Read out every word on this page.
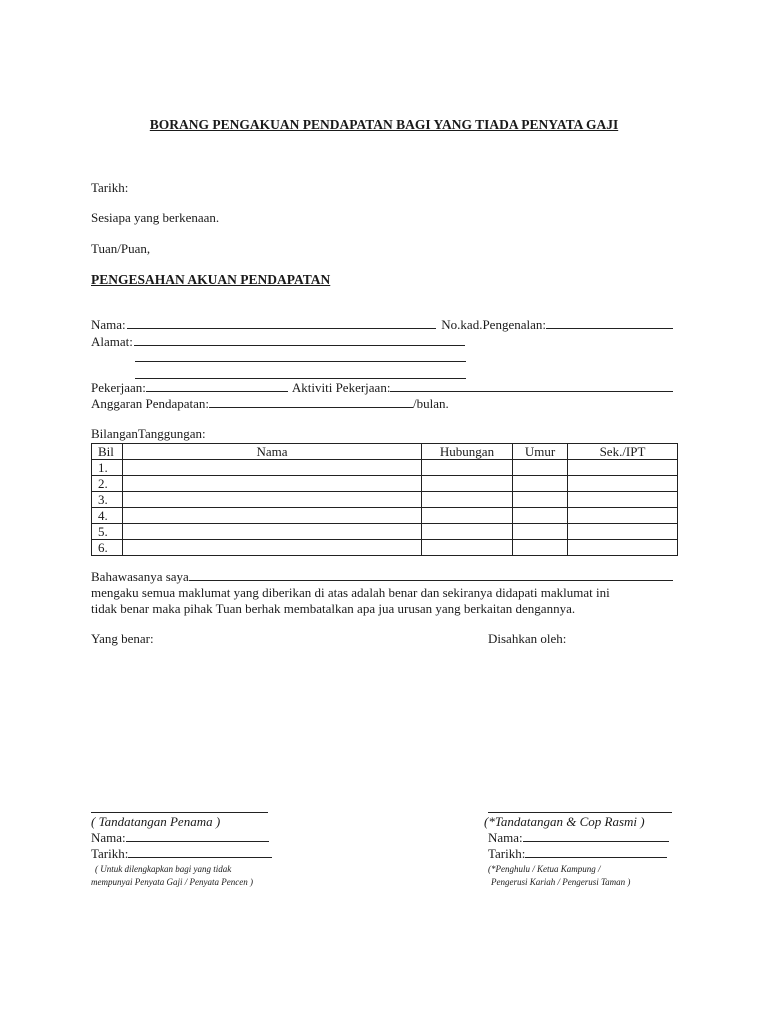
BORANG PENGAKUAN PENDAPATAN BAGI YANG TIADA PENYATA GAJI
Tarikh:
Sesiapa yang berkenaan.
Tuan/Puan,
PENGESAHAN AKUAN PENDAPATAN
Nama:	No.kad.Pengenalan:
Alamat:
Pekerjaan:	Aktiviti Pekerjaan:
Anggaran Pendapatan:	/bulan.
BilanganTanggungan:
Bil	Nama	Hubungan	Umur	Sek./IPT
1.				
2.				
3.				
4.				
5.				
6.				
Bahawasanya saya
mengaku semua maklumat yang diberikan di atas adalah benar dan sekiranya didapati maklumat ini
tidak benar maka pihak Tuan berhak membatalkan apa jua urusan yang berkaitan dengannya.
Yang benar:	Disahkan oleh:
( Tandatangan Penama )
Nama:
Tarikh:
( Untuk dilengkapkan bagi yang tidak
mempunyai Penyata Gaji / Penyata Pencen )
(*Tandatangan & Cop Rasmi )
Nama:
Tarikh:
(*Penghulu / Ketua Kampung /
Pengerusi Kariah / Pengerusi Taman )
